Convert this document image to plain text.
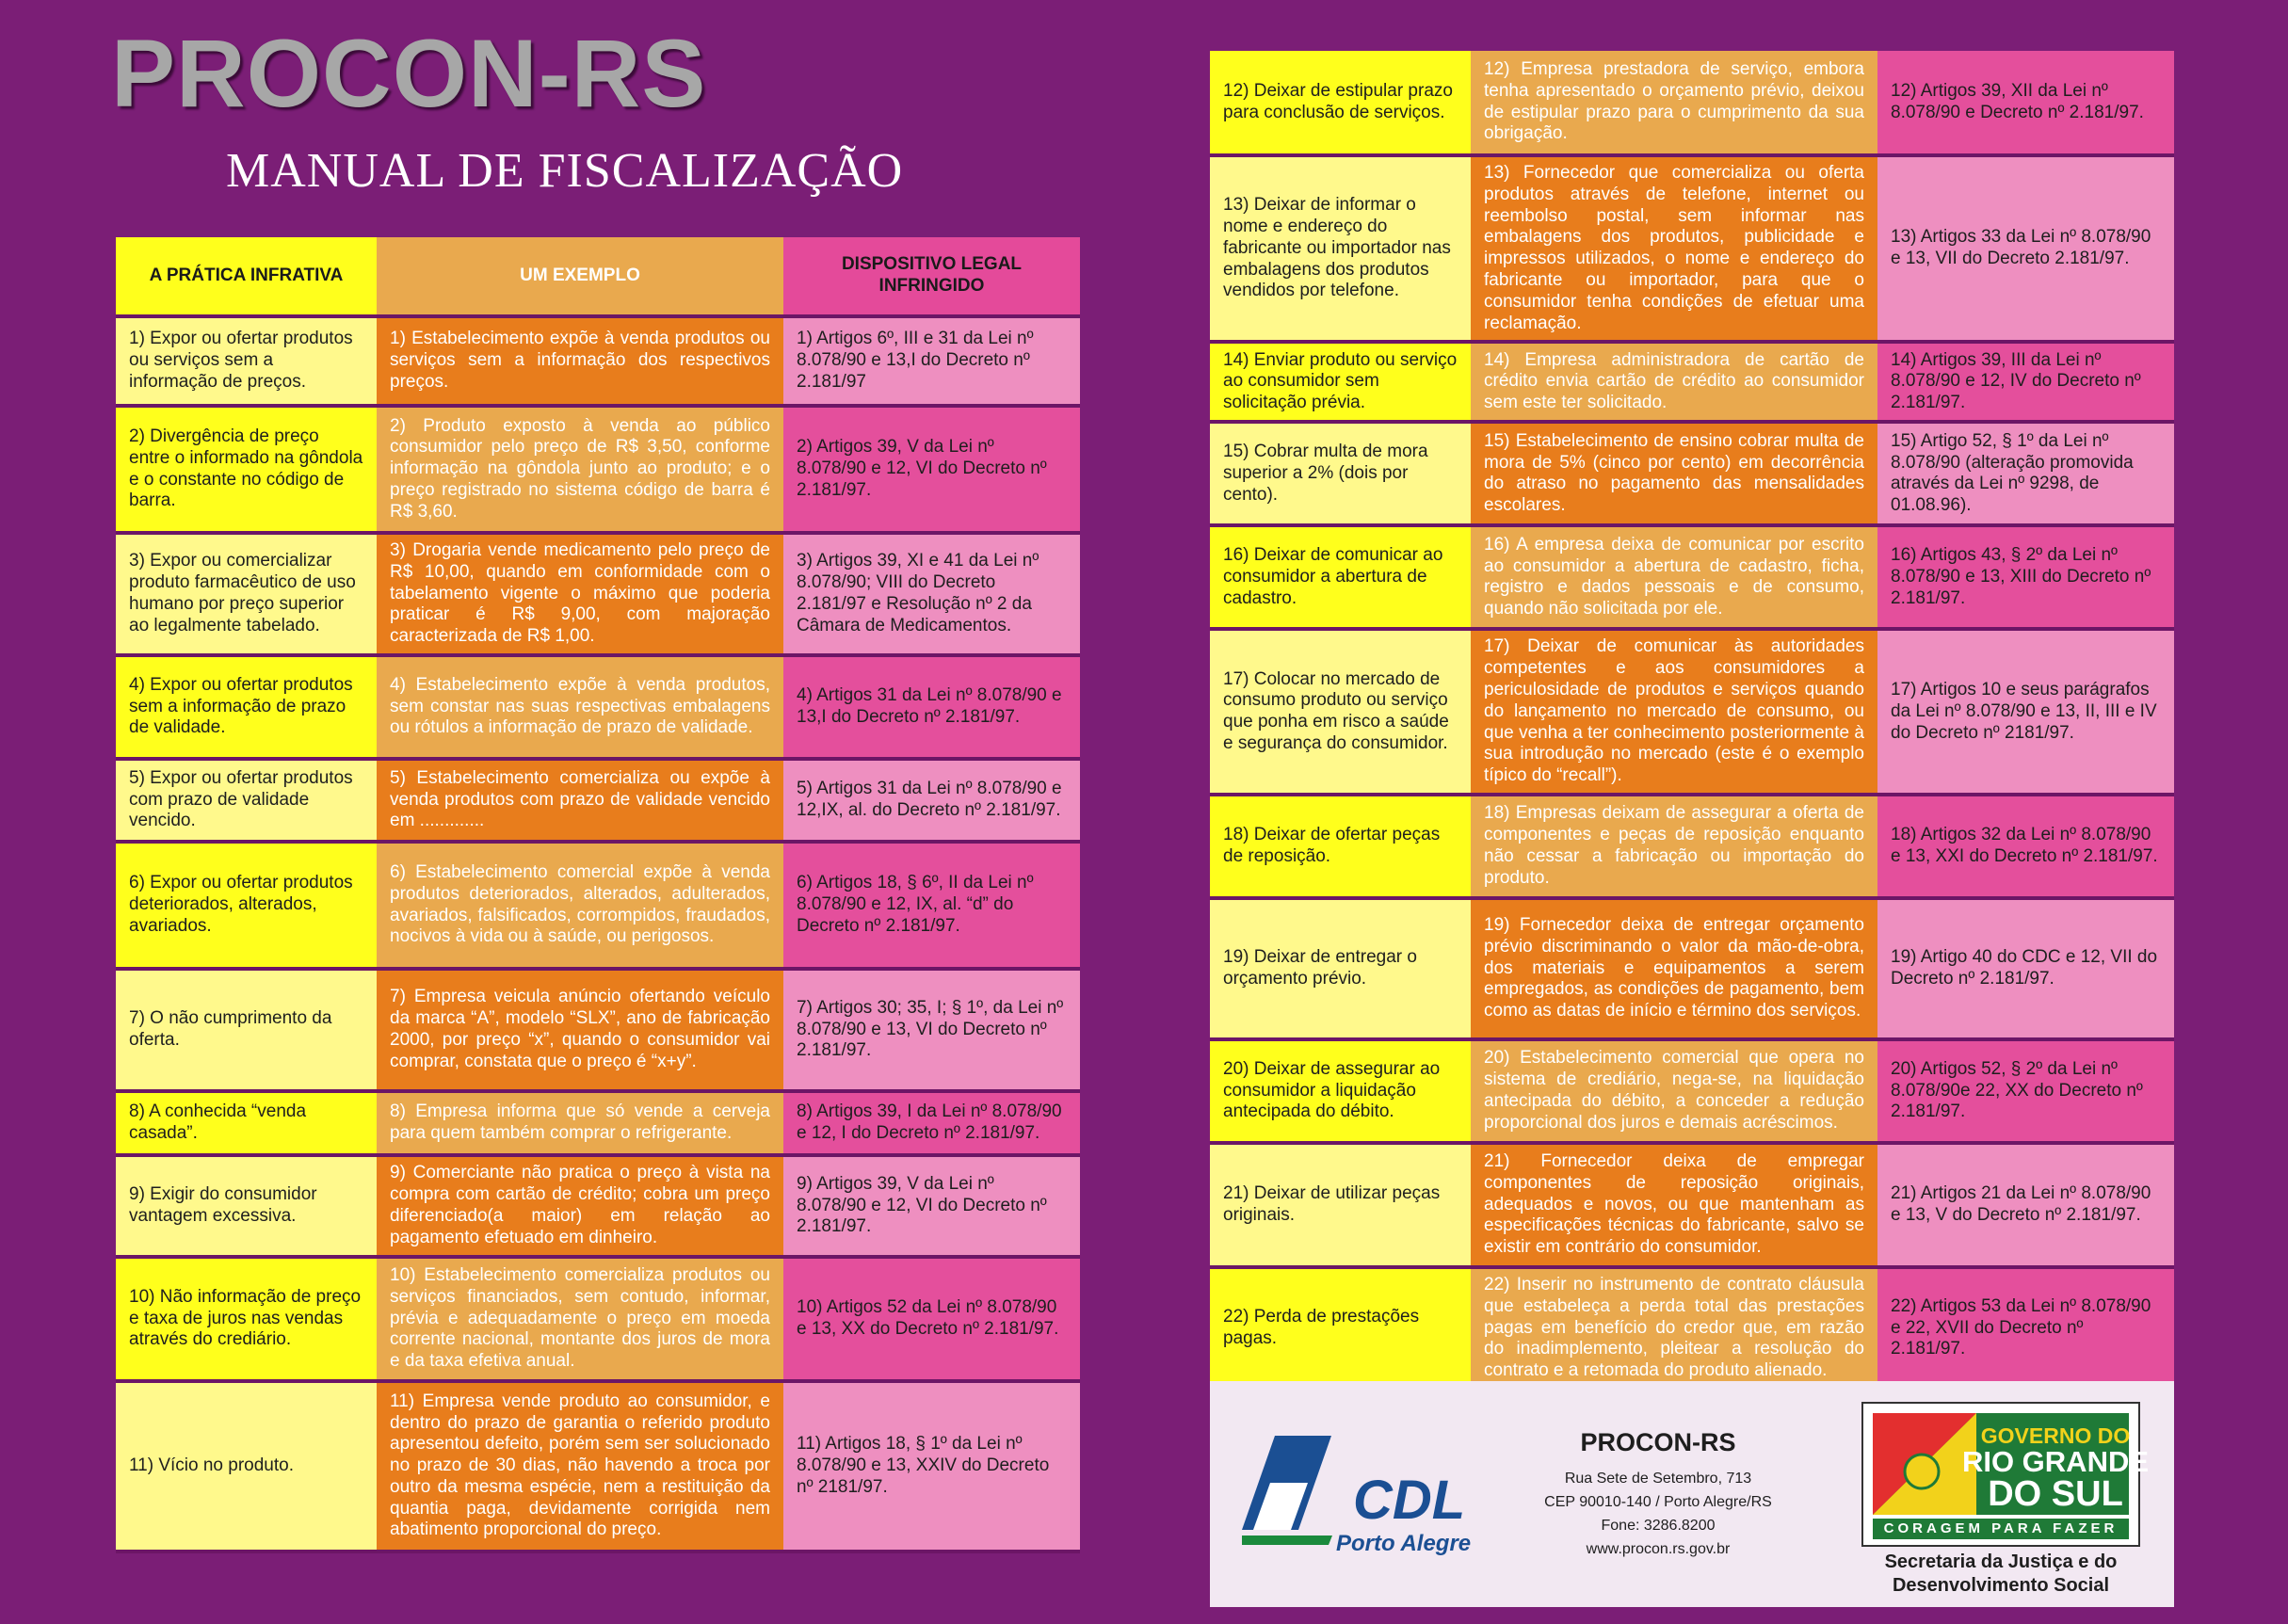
PROCON-RS
MANUAL DE FISCALIZAÇÃO
A PRÁTICA INFRATIVA	UM EXEMPLO	DISPOSITIVO LEGAL INFRINGIDO
1) Expor ou ofertar produtos ou serviços sem a informação de preços.	1) Estabelecimento expõe à venda produtos ou serviços sem a informação dos respectivos preços.	1) Artigos 6º, III e 31 da Lei nº 8.078/90 e 13,I do Decreto nº 2.181/97
2) Divergência de preço entre o informado na gôndola e o constante no código de barra.	2) Produto exposto à venda ao público consumidor pelo preço de R$ 3,50, conforme informação na gôndola junto ao produto; e o preço registrado no sistema código de barra é R$ 3,60.	2) Artigos 39, V da Lei nº 8.078/90 e 12, VI do Decreto nº 2.181/97.
3) Expor ou comercializar produto farmacêutico de uso humano por preço superior ao legalmente tabelado.	3) Drogaria vende medicamento pelo preço de R$ 10,00, quando em conformidade com o tabelamento vigente o máximo que poderia praticar é R$ 9,00, com majoração caracterizada de R$ 1,00.	3) Artigos 39, XI e 41 da Lei nº 8.078/90; VIII do Decreto 2.181/97 e Resolução nº 2 da Câmara de Medicamentos.
4) Expor ou ofertar produtos sem a informação de prazo de validade.	4) Estabelecimento expõe à venda produtos, sem constar nas suas respectivas embalagens ou rótulos a informação de prazo de validade.	4) Artigos 31 da Lei nº 8.078/90 e 13,I do Decreto nº 2.181/97.
5) Expor ou ofertar produtos com prazo de validade vencido.	5) Estabelecimento comercializa ou expõe à venda produtos com prazo de validade vencido em .............	5) Artigos 31 da Lei nº 8.078/90 e 12,IX, al. do Decreto nº 2.181/97.
6) Expor ou ofertar produtos deteriorados, alterados, avariados.	6) Estabelecimento comercial expõe à venda produtos deteriorados, alterados, adulterados, avariados, falsificados, corrompidos, fraudados, nocivos à vida ou à saúde, ou perigosos.	6) Artigos 18, § 6º, II da Lei nº 8.078/90 e 12, IX, al. “d” do Decreto nº 2.181/97.
7) O não cumprimento da oferta.	7) Empresa veicula anúncio ofertando veículo da marca “A”, modelo “SLX”, ano de fabricação 2000, por preço “x”, quando o consumidor vai comprar, constata que o preço é “x+y”.	7) Artigos 30; 35, I; § 1º, da Lei nº 8.078/90 e 13, VI do Decreto nº 2.181/97.
8) A conhecida “venda casada”.	8) Empresa informa que só vende a cerveja para quem também comprar o refrigerante.	8) Artigos 39, I da Lei nº 8.078/90 e 12, I do Decreto nº 2.181/97.
9) Exigir do consumidor vantagem excessiva.	9) Comerciante não pratica o preço à vista na compra com cartão de crédito; cobra um preço diferenciado(a maior) em relação ao pagamento efetuado em dinheiro.	9) Artigos 39, V da Lei nº 8.078/90 e 12, VI do Decreto nº 2.181/97.
10) Não informação de preço e taxa de juros nas vendas através do crediário.	10) Estabelecimento comercializa produtos ou serviços financiados, sem contudo, informar, prévia e adequadamente o preço em moeda corrente nacional, montante dos juros de mora e da taxa efetiva anual.	10) Artigos 52 da Lei nº 8.078/90 e 13, XX do Decreto nº 2.181/97.
11) Vício no produto.	11) Empresa vende produto ao consumidor, e dentro do prazo de garantia o referido produto apresentou defeito, porém sem ser solucionado no prazo de 30 dias, não havendo a troca por outro da mesma espécie, nem a restituição da quantia paga, devidamente corrigida nem abatimento proporcional do preço.	11) Artigos 18, § 1º da Lei nº 8.078/90 e 13, XXIV do Decreto nº 2181/97.
12) Deixar de estipular prazo para conclusão de serviços.	12) Empresa prestadora de serviço, embora tenha apresentado o orçamento prévio, deixou de estipular prazo para o cumprimento da sua obrigação.	12) Artigos 39, XII da Lei nº 8.078/90 e Decreto nº 2.181/97.
13) Deixar de informar o nome e endereço do fabricante ou importador nas embalagens dos produtos vendidos por telefone.	13) Fornecedor que comercializa ou oferta produtos através de telefone, internet ou reembolso postal, sem informar nas embalagens dos produtos, publicidade e impressos utilizados, o nome e endereço do fabricante ou importador, para que o consumidor tenha condições de efetuar uma reclamação.	13) Artigos 33 da Lei nº 8.078/90 e 13, VII do Decreto 2.181/97.
14) Enviar produto ou serviço ao consumidor sem solicitação prévia.	14) Empresa administradora de cartão de crédito envia cartão de crédito ao consumidor sem este ter solicitado.	14) Artigos 39, III da Lei nº 8.078/90 e 12, IV do Decreto nº 2.181/97.
15) Cobrar multa de mora superior a 2% (dois por cento).	15) Estabelecimento de ensino cobrar multa de mora de 5% (cinco por cento) em decorrência do atraso no pagamento das mensalidades escolares.	15) Artigo 52, § 1º da Lei nº 8.078/90 (alteração promovida através da Lei nº 9298, de 01.08.96).
16) Deixar de comunicar ao consumidor a abertura de cadastro.	16) A empresa deixa de comunicar por escrito ao consumidor a abertura de cadastro, ficha, registro e dados pessoais e de consumo, quando não solicitada por ele.	16) Artigos 43, § 2º da Lei nº 8.078/90 e 13, XIII do Decreto nº 2.181/97.
17) Colocar no mercado de consumo produto ou serviço que ponha em risco a saúde e segurança do consumidor.	17) Deixar de comunicar às autoridades competentes e aos consumidores a periculosidade de produtos e serviços quando do lançamento no mercado de consumo, ou que venha a ter conhecimento posteriormente à sua introdução no mercado (este é o exemplo típico do “recall”).	17) Artigos 10 e seus parágrafos da Lei nº 8.078/90 e 13, II, III e IV do Decreto nº 2181/97.
18) Deixar de ofertar peças de reposição.	18) Empresas deixam de assegurar a oferta de componentes e peças de reposição enquanto não cessar a fabricação ou importação do produto.	18) Artigos 32 da Lei nº 8.078/90 e 13, XXI do Decreto nº 2.181/97.
19) Deixar de entregar o orçamento prévio.	19) Fornecedor deixa de entregar orçamento prévio discriminando o valor da mão-de-obra, dos materiais e equipamentos a serem empregados, as condições de pagamento, bem como as datas de início e término dos serviços.	19) Artigo 40 do CDC e 12, VII do Decreto nº 2.181/97.
20) Deixar de assegurar ao consumidor a liquidação antecipada do débito.	20) Estabelecimento comercial que opera no sistema de crediário, nega-se, na liquidação antecipada do débito, a conceder a redução proporcional dos juros e demais acréscimos.	20) Artigos 52, § 2º da Lei nº 8.078/90e 22, XX do Decreto nº 2.181/97.
21) Deixar de utilizar peças originais.	21) Fornecedor deixa de empregar componentes de reposição originais, adequados e novos, ou que mantenham as especificações técnicas do fabricante, salvo se existir em contrário do consumidor.	21) Artigos 21 da Lei nº 8.078/90 e 13, V do Decreto nº 2.181/97.
22) Perda de prestações pagas.	22) Inserir no instrumento de contrato cláusula que estabeleça a perda total das prestações pagas em benefício do credor que, em razão do inadimplemento, pleitear a resolução do contrato e a retomada do produto alienado.	22) Artigos 53 da Lei nº 8.078/90 e 22, XVII do Decreto nº 2.181/97.
CDL
Porto Alegre
PROCON-RS
Rua Sete de Setembro, 713
CEP 90010-140 / Porto Alegre/RS
Fone: 3286.8200
www.procon.rs.gov.br
GOVERNO DO
RIO GRANDE
DO SUL
CORAGEM PARA FAZER
Secretaria da Justiça e do
Desenvolvimento Social
